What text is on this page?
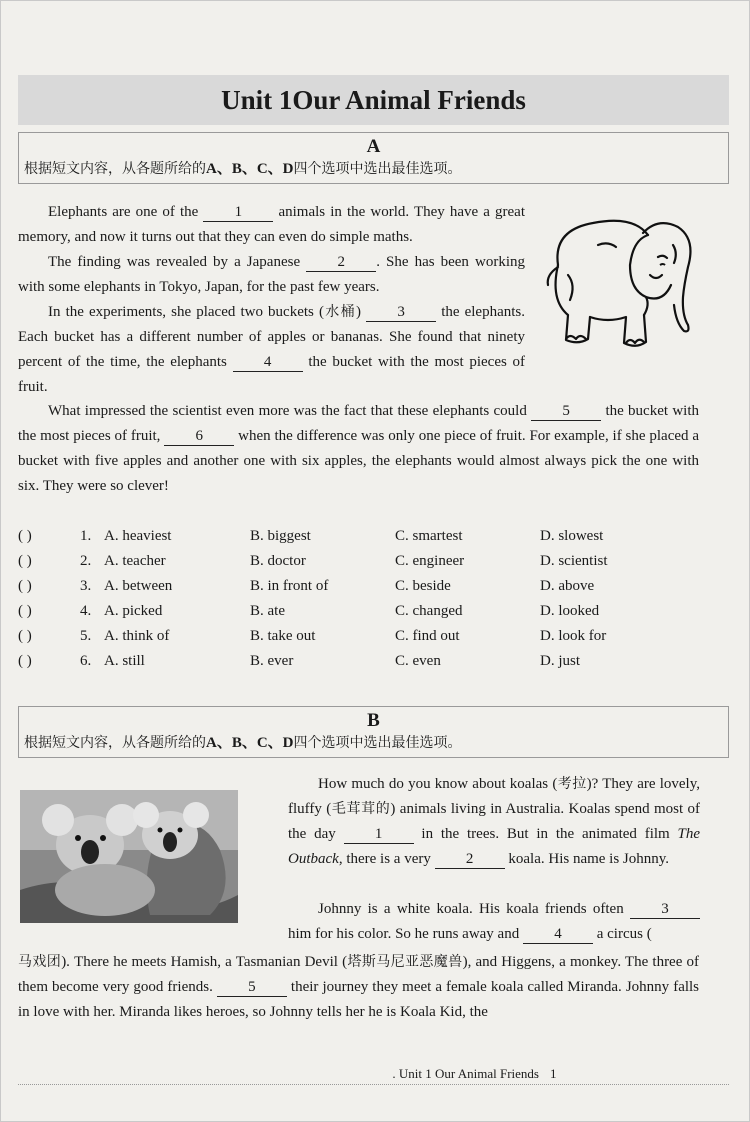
Unit 1Our Animal Friends
A
根据短文内容，从各题所给的A、B、C、D四个选项中选出最佳选项。

Elephants are one of the 1 animals in the world. They have a great memory, and now it turns out that they can even do simple maths.

The finding was revealed by a Japanese 2 . She has been working with some elephants in Tokyo, Japan, for the past few years.

In the experiments, she placed two buckets (水桶) 3 the elephants. Each bucket has a different number of apples or bananas. She found that ninety percent of the time, the elephants 4 the bucket with the most pieces of fruit.

What impressed the scientist even more was the fact that these elephants could 5 the bucket with the most pieces of fruit, 6 when the difference was only one piece of fruit. For example, if she placed a bucket with five apples and another one with six apples, the elephants would almost always pick the one with six. They were so clever!

( )	1. A. heaviest	B. biggest	C. smartest	D. slowest
( )	2. A. teacher	B. doctor	C. engineer	D. scientist
( )	3. A. between	B. in front of	C. beside	D. above
( )	4. A. picked	B. ate	C. changed	D. looked
( )	5. A. think of	B. take out	C. find out	D. look for
( )	6. A. still	B. ever	C. even	D. just
B
根据短文内容，从各题所给的A、B、C、D四个选项中选出最佳选项。

How much do you know about koalas (考拉)? They are lovely, fluffy (毛茸茸的) animals living in Australia. Koalas spend most of the day	1	in the trees. But in the animated film The Outback, there is a very 2 koala. His name is Johnny.

Johnny is a white koala. His koala friends often	3 him for his color. So he runs away and 4 a circus (

马戏团). There he meets Hamish, a Tasmanian Devil (塔斯马尼亚恶魔兽), and Higgens, a monkey. The three of them become very good friends. 5 their journey they meet a female koala called Miranda. Johnny falls in love with her. Miranda likes heroes, so Johnny tells her he is Koala Kid, the

. Unit 1 Our Animal Friends 1
